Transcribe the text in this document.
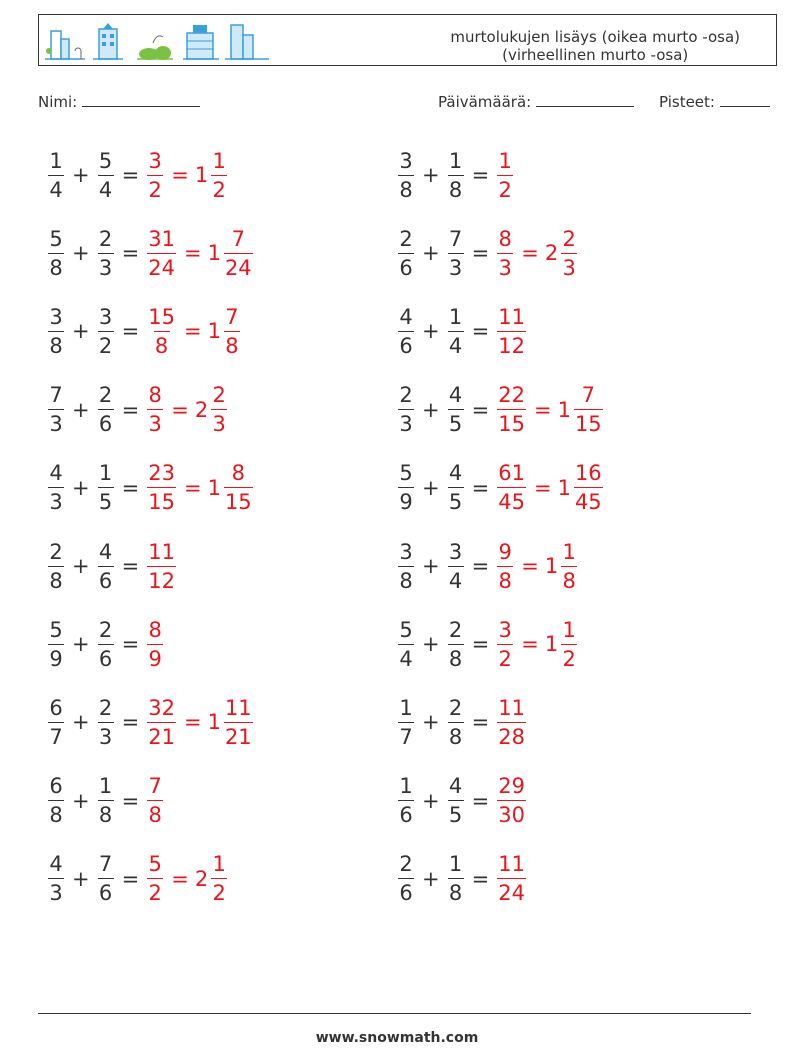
murtolukujen lisäys (oikea murto -osa)
(virheellinen murto -osa)
Nimi:	Päivämäärä:	Pisteet:
$\frac{1}{4} + \frac{5}{4} = \frac{3}{2} = 1 \frac{1}{2}$	$\frac{3}{8} + \frac{1}{8} = \frac{1}{2}$
$\frac{5}{8} + \frac{2}{3} = \frac{31}{24} = 1 \frac{7}{24}$	$\frac{2}{6} + \frac{7}{3} = \frac{8}{3} = 2 \frac{2}{3}$
$\frac{3}{8} + \frac{3}{2} = \frac{15}{8} = 1 \frac{7}{8}$	$\frac{4}{6} + \frac{1}{4} = \frac{11}{12}$
$\frac{7}{3} + \frac{2}{6} = \frac{8}{3} = 2 \frac{2}{3}$	$\frac{2}{3} + \frac{4}{5} = \frac{22}{15} = 1 \frac{7}{15}$
$\frac{4}{3} + \frac{1}{5} = \frac{23}{15} = 1 \frac{8}{15}$	$\frac{5}{9} + \frac{4}{5} = \frac{61}{45} = 1 \frac{16}{45}$
$\frac{2}{8} + \frac{4}{6} = \frac{11}{12}$	$\frac{3}{8} + \frac{3}{4} = \frac{9}{8} = 1 \frac{1}{8}$
$\frac{5}{9} + \frac{2}{6} = \frac{8}{9}$	$\frac{5}{4} + \frac{2}{8} = \frac{3}{2} = 1 \frac{1}{2}$
$\frac{6}{7} + \frac{2}{3} = \frac{32}{21} = 1 \frac{11}{21}$	$\frac{1}{7} + \frac{2}{8} = \frac{11}{28}$
$\frac{6}{8} + \frac{1}{8} = \frac{7}{8}$	$\frac{1}{6} + \frac{4}{5} = \frac{29}{30}$
$\frac{4}{3} + \frac{7}{6} = \frac{5}{2} = 2 \frac{1}{2}$	$\frac{2}{6} + \frac{1}{8} = \frac{11}{24}$
www.snowmath.com
